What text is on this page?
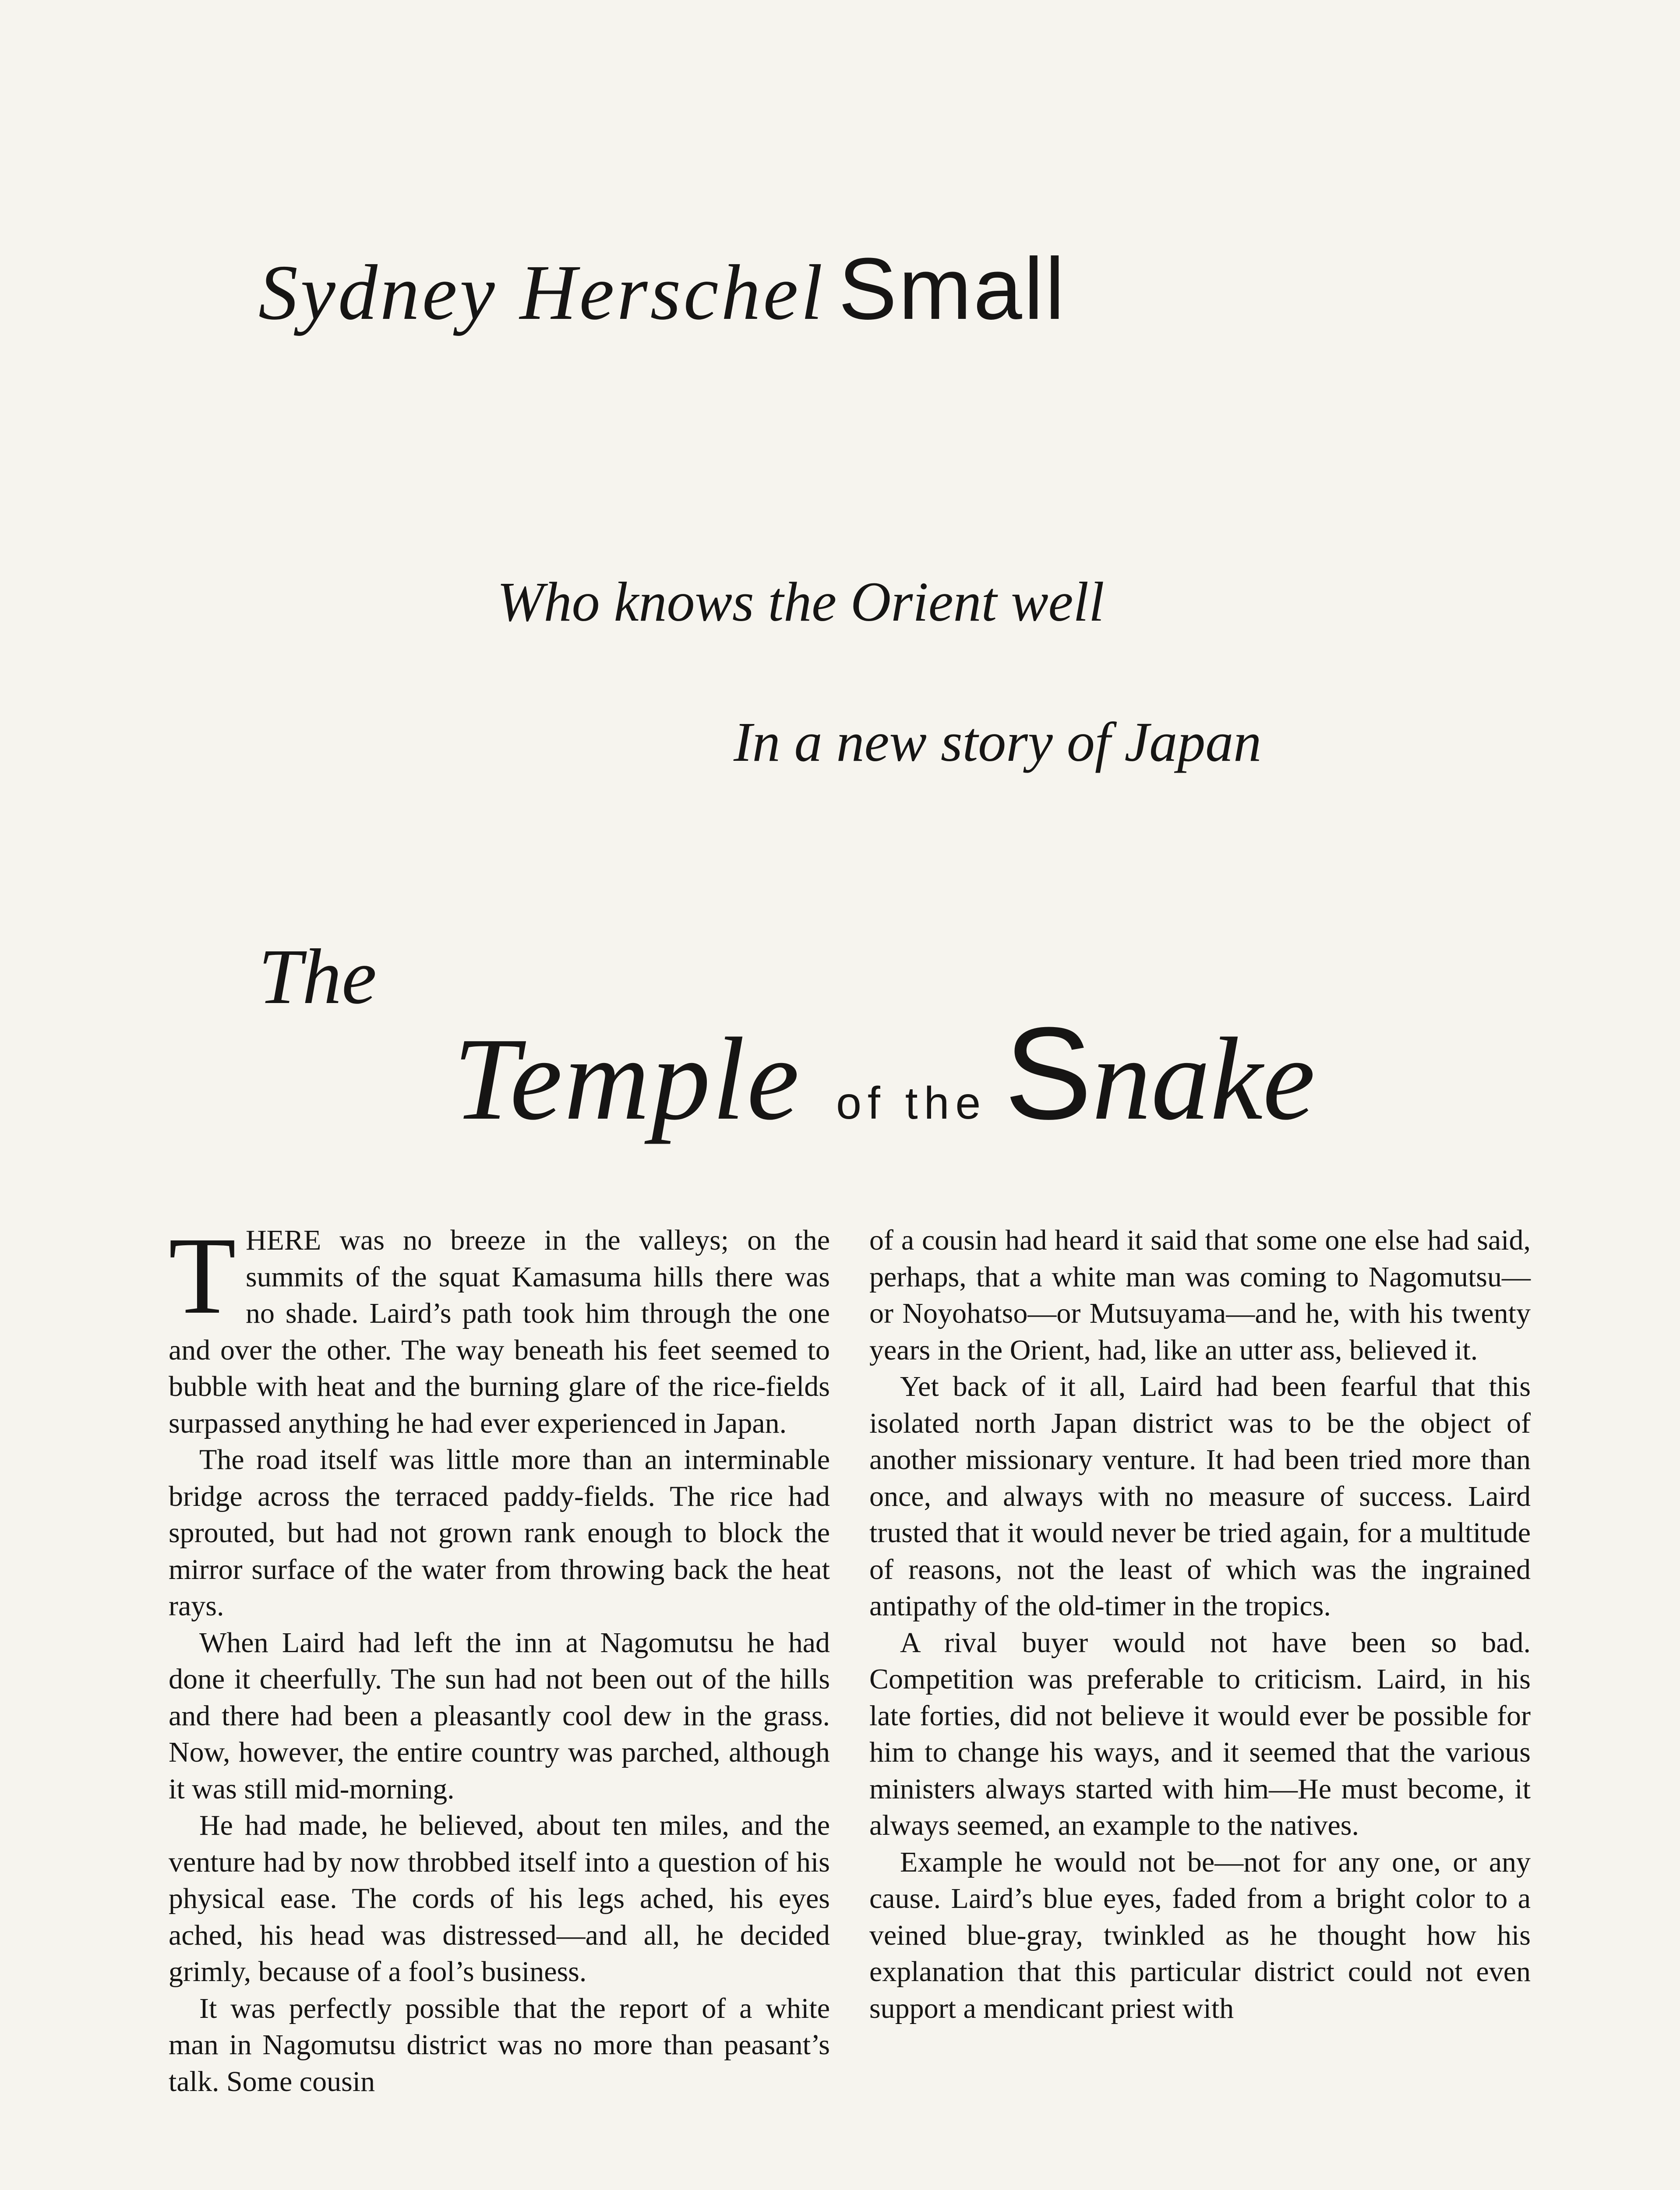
Sydney Herschel Small
Who knows the Orient well
In a new story of Japan
The
Temple of the Snake

THERE was no breeze in the valleys; on the summits of the squat Kamasuma hills there was no shade. Laird’s path took him through the one and over the other. The way beneath his feet seemed to bubble with heat and the burning glare of the rice-fields surpassed anything he had ever experienced in Japan.

The road itself was little more than an interminable bridge across the terraced paddy-fields. The rice had sprouted, but had not grown rank enough to block the mirror surface of the water from throwing back the heat rays.

When Laird had left the inn at Nagomutsu he had done it cheerfully. The sun had not been out of the hills and there had been a pleasantly cool dew in the grass. Now, however, the entire country was parched, although it was still mid-morning.

He had made, he believed, about ten miles, and the venture had by now throbbed itself into a question of his physical ease. The cords of his legs ached, his eyes ached, his head was distressed—and all, he decided grimly, because of a fool’s business.

It was perfectly possible that the report of a white man in Nagomutsu district was no more than peasant’s talk. Some cousin

of a cousin had heard it said that some one else had said, perhaps, that a white man was coming to Nagomutsu—or Noyohatso—or Mutsuyama—and he, with his twenty years in the Orient, had, like an utter ass, believed it.

Yet back of it all, Laird had been fearful that this isolated north Japan district was to be the object of another missionary venture. It had been tried more than once, and always with no measure of success. Laird trusted that it would never be tried again, for a multitude of reasons, not the least of which was the ingrained antipathy of the old-timer in the tropics.

A rival buyer would not have been so bad. Competition was preferable to criticism. Laird, in his late forties, did not believe it would ever be possible for him to change his ways, and it seemed that the various ministers always started with him—He must become, it always seemed, an example to the natives.

Example he would not be—not for any one, or any cause. Laird’s blue eyes, faded from a bright color to a veined blue-gray, twinkled as he thought how his explanation that this particular district could not even support a mendicant priest with
